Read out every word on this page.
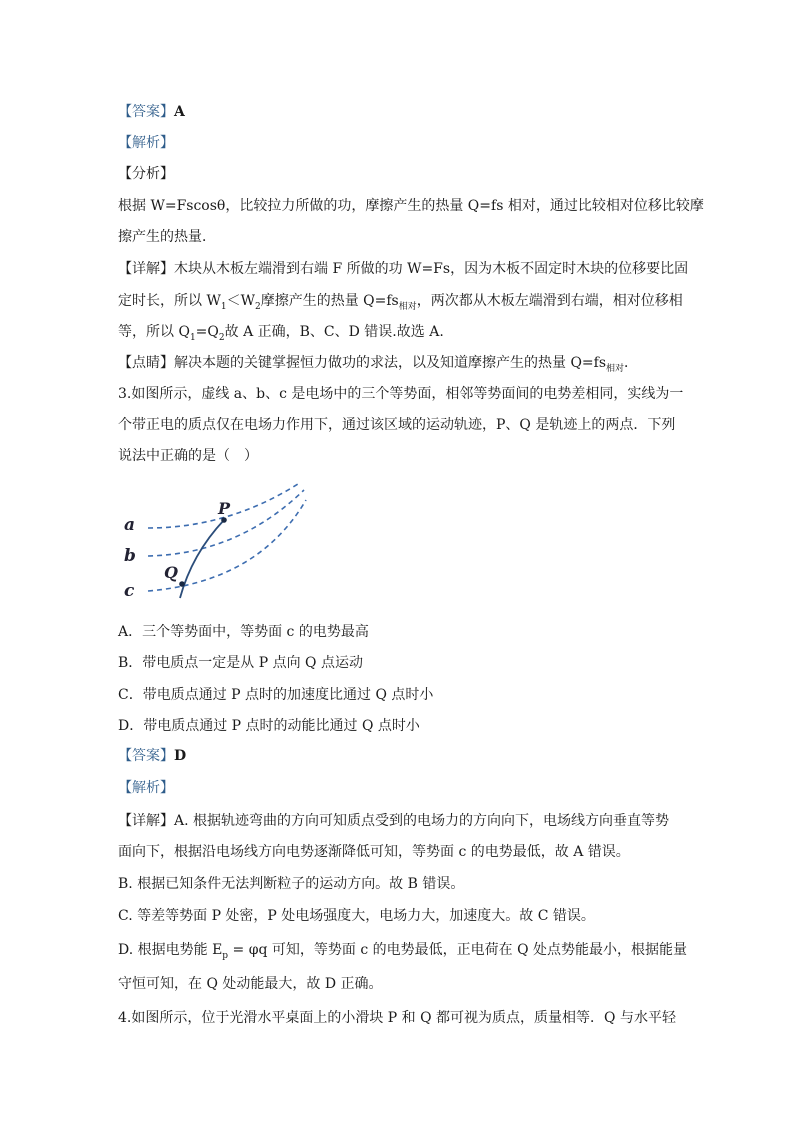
【答案】A
【解析】
【分析】
根据 W=Fscosθ，比较拉力所做的功，摩擦产生的热量 Q=fs 相对，通过比较相对位移比较摩
擦产生的热量．
【详解】木块从木板左端滑到右端 F 所做的功 W=Fs，因为木板不固定时木块的位移要比固
定时长，所以 $W_1<W_2$摩擦产生的热量 $Q=fs_{相对}$，两次都从木板左端滑到右端，相对位移相
等，所以 $Q_1=Q_2$故 A 正确，B、C、D 错误.故选 A.
【点睛】解决本题的关键掌握恒力做功的求法，以及知道摩擦产生的热量 $Q=fs_{相对}$．
3.如图所示，虚线 a、b、c 是电场中的三个等势面，相邻等势面间的电势差相同，实线为一
个带正电的质点仅在电场力作用下，通过该区域的运动轨迹，P、Q 是轨迹上的两点．下列
说法中正确的是（　）
a
b
c
P
Q
A．三个等势面中，等势面 c 的电势最高
B．带电质点一定是从 P 点向 Q 点运动
C．带电质点通过 P 点时的加速度比通过 Q 点时小
D．带电质点通过 P 点时的动能比通过 Q 点时小
【答案】D
【解析】
【详解】A. 根据轨迹弯曲的方向可知质点受到的电场力的方向向下，电场线方向垂直等势
面向下，根据沿电场线方向电势逐渐降低可知，等势面 c 的电势最低，故 A 错误。
B. 根据已知条件无法判断粒子的运动方向。故 B 错误。
C. 等差等势面 P 处密，P 处电场强度大，电场力大，加速度大。故 C 错误。
D. 根据电势能 $E_p = \varphi q$ 可知，等势面 c 的电势最低，正电荷在 Q 处点势能最小，根据能量
守恒可知，在 Q 处动能最大，故 D 正确。
4.如图所示，位于光滑水平桌面上的小滑块 P 和 Q 都可视为质点，质量相等．Q 与水平轻
